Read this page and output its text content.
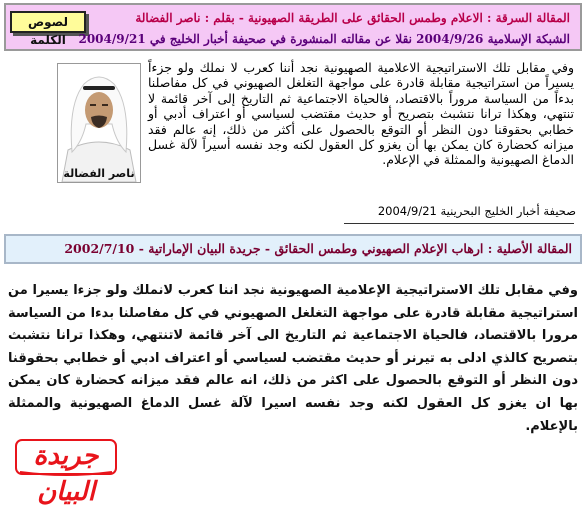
لصوص الكلمة
المقالة السرقة : الاعلام وطمس الحقائق على الطريقة الصهيونية - بقلم : ناصر الفضالة
الشبكة الإسلامية 2004/9/26 نقلا عن مقالته المنشورة في صحيفة أخبار الخليج في 2004/9/21
ناصر الفضالة
وفي مقابل تلك الاستراتيجية الاعلامية الصهيونية نجد أننا كعرب لا نملك ولو جزءاً يسيراً من استراتيجية مقابلة قادرة على مواجهة التغلغل الصهيوني في كل مفاصلنا بدءاً من السياسة مروراً بالاقتصاد، فالحياة الاجتماعية ثم التاريخ إلى آخر قائمة لا تنتهي، وهكذا ترانا نتشبث بتصريح أو حديث مقتضب لسياسي أو اعتراف أدبي أو خطابي بحقوقنا دون النظر أو التوقع بالحصول على أكثر من ذلك، إنه عالم فقد ميزانه كحضارة كان يمكن بها أن يغزو كل العقول لكنه وجد نفسه أسيراً لآلة غسل الدماغ الصهيونية والممثلة في الإعلام.
صحيفة أخبار الخليج البحرينية 2004/9/21
المقالة الأصلية : ارهاب الإعلام الصهيوني وطمس الحقائق - جريدة البيان الإماراتية - 2002/7/10
وفي مقابل تلك الاستراتيجية الإعلامية الصهيونية نجد اننا كعرب لانملك ولو جزءا يسيرا من استراتيجية مقابلة قادرة على مواجهة التغلغل الصهيوني في كل مفاصلنا بدءا من السياسة مرورا بالاقتصاد، فالحياة الاجتماعية ثم التاريخ الى آخر قائمة لاتنتهي، وهكذا ترانا نتشبث بتصريح كالذي ادلى به تيرنر أو حديث مقتضب لسياسي أو اعتراف ادبي أو خطابي بحقوقنا دون النظر أو التوقع بالحصول على اكثر من ذلك، انه عالم فقد ميزانه كحضارة كان يمكن بها ان يغزو كل العقول لكنه وجد نفسه اسيرا لآلة غسل الدماغ الصهيونية والممثلة بالإعلام.
جريدة البيان
